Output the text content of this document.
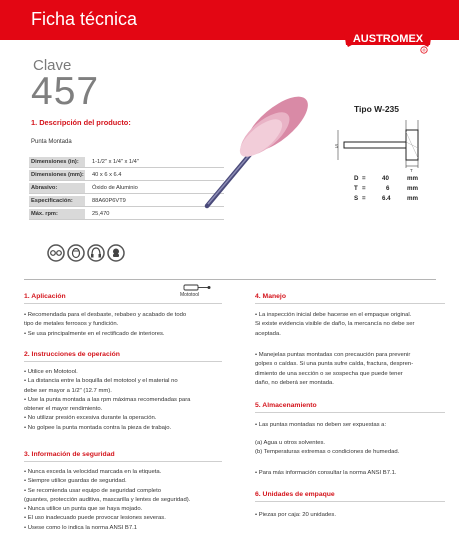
Ficha técnica
AUSTROMEX
®
Clave
457
1. Descripción del producto:
Punta Montada
Dimensiones (in):	1-1/2" x 1/4" x 1/4"
Dimensiones (mm): 40 x 6 x 6.4
Abrasivo:	Óxido de Aluminio
Especificación:	88A60P6VT9
Máx. rpm:	25,470
Tipo W-235
S
T
D =	40	mm
T =	6	mm
S =	6.4	mm
Mototool
1. Aplicación
• Recomendada para el desbaste, rebabeo y acabado de todo
tipo de metales ferrosos y fundición.
• Se usa principalmente en el rectificado de interiores.
2. Instrucciones de operación
• Utilice en Mototool.
• La distancia entre la boquilla del mototool y el material no
debe ser mayor a 1/2" (12.7 mm).
• Use la punta montada a las rpm máximas recomendadas para
obtener el mayor rendimiento.
• No utilizar presión excesiva durante la operación.
• No golpee la punta montada contra la pieza de trabajo.
3. Información de seguridad
• Nunca exceda la velocidad marcada en la etiqueta.
• Siempre utilice guardas de seguridad.
• Se recomienda usar equipo de seguridad completo
(guantes, protección auditiva, mascarilla y lentes de seguridad).
• Nunca utilice un punta que se haya mojado.
• El uso inadecuado puede provocar lesiones severas.
• Usese como lo indica la norma ANSI B7.1
4. Manejo
• La inspección inicial debe hacerse en el empaque original.
Si existe evidencia visible de daño, la mercancía no debe ser
aceptada.
• Manejelas puntas montadas con precaución para prevenir
golpes o caídas. Si una punta sufre caída, fractura, despren-
dimiento de una sección o se sospecha que puede tener
daño, no deberá ser montada.
5. Almacenamiento
• Las puntas montadas no deben ser expuestas a:
(a) Agua u otros solventes.
(b) Temperaturas extremas o condiciones de humedad.
• Para más información consultar la norma ANSI B7.1.
6. Unidades de empaque
• Piezas por caja: 20 unidades.
